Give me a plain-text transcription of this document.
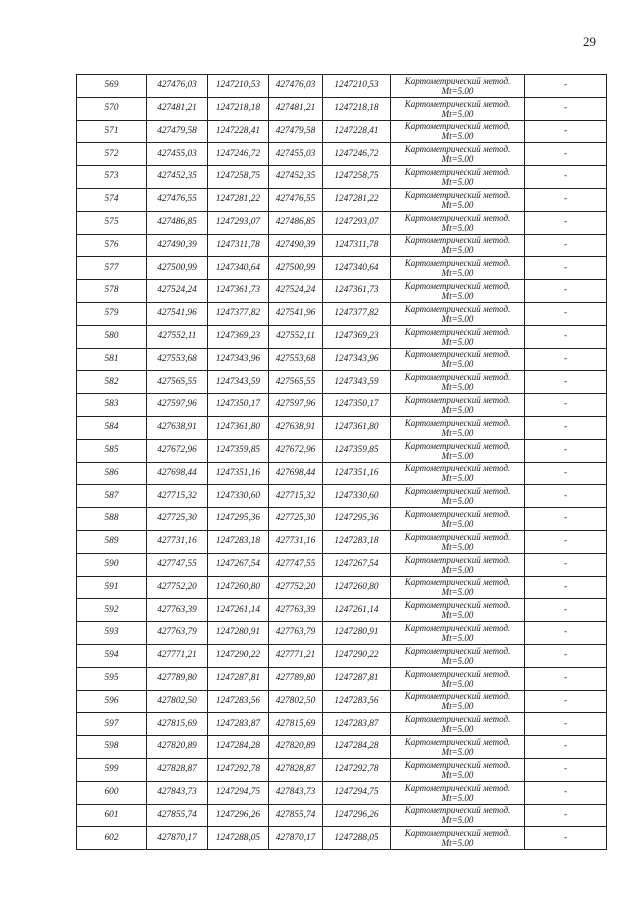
29
569	427476,03	1247210,53	427476,03	1247210,53	Картометрический метод.
Mt=5.00	-
570	427481,21	1247218,18	427481,21	1247218,18	Картометрический метод.
Mt=5.00	-
571	427479,58	1247228,41	427479,58	1247228,41	Картометрический метод.
Mt=5.00	-
572	427455,03	1247246,72	427455,03	1247246,72	Картометрический метод.
Mt=5.00	-
573	427452,35	1247258,75	427452,35	1247258,75	Картометрический метод.
Mt=5.00	-
574	427476,55	1247281,22	427476,55	1247281,22	Картометрический метод.
Mt=5.00	-
575	427486,85	1247293,07	427486,85	1247293,07	Картометрический метод.
Mt=5.00	-
576	427490,39	1247311,78	427490,39	1247311,78	Картометрический метод.
Mt=5.00	-
577	427500,99	1247340,64	427500,99	1247340,64	Картометрический метод.
Mt=5.00	-
578	427524,24	1247361,73	427524,24	1247361,73	Картометрический метод.
Mt=5.00	-
579	427541,96	1247377,82	427541,96	1247377,82	Картометрический метод.
Mt=5.00	-
580	427552,11	1247369,23	427552,11	1247369,23	Картометрический метод.
Mt=5.00	-
581	427553,68	1247343,96	427553,68	1247343,96	Картометрический метод.
Mt=5.00	-
582	427565,55	1247343,59	427565,55	1247343,59	Картометрический метод.
Mt=5.00	-
583	427597,96	1247350,17	427597,96	1247350,17	Картометрический метод.
Mt=5.00	-
584	427638,91	1247361,80	427638,91	1247361,80	Картометрический метод.
Mt=5.00	-
585	427672,96	1247359,85	427672,96	1247359,85	Картометрический метод.
Mt=5.00	-
586	427698,44	1247351,16	427698,44	1247351,16	Картометрический метод.
Mt=5.00	-
587	427715,32	1247330,60	427715,32	1247330,60	Картометрический метод.
Mt=5.00	-
588	427725,30	1247295,36	427725,30	1247295,36	Картометрический метод.
Mt=5.00	-
589	427731,16	1247283,18	427731,16	1247283,18	Картометрический метод.
Mt=5.00	-
590	427747,55	1247267,54	427747,55	1247267,54	Картометрический метод.
Mt=5.00	-
591	427752,20	1247260,80	427752,20	1247260,80	Картометрический метод.
Mt=5.00	-
592	427763,39	1247261,14	427763,39	1247261,14	Картометрический метод.
Mt=5.00	-
593	427763,79	1247280,91	427763,79	1247280,91	Картометрический метод.
Mt=5.00	-
594	427771,21	1247290,22	427771,21	1247290,22	Картометрический метод.
Mt=5.00	-
595	427789,80	1247287,81	427789,80	1247287,81	Картометрический метод.
Mt=5.00	-
596	427802,50	1247283,56	427802,50	1247283,56	Картометрический метод.
Mt=5.00	-
597	427815,69	1247283,87	427815,69	1247283,87	Картометрический метод.
Mt=5.00	-
598	427820,89	1247284,28	427820,89	1247284,28	Картометрический метод.
Mt=5.00	-
599	427828,87	1247292,78	427828,87	1247292,78	Картометрический метод.
Mt=5.00	-
600	427843,73	1247294,75	427843,73	1247294,75	Картометрический метод.
Mt=5.00	-
601	427855,74	1247296,26	427855,74	1247296,26	Картометрический метод.
Mt=5.00	-
602	427870,17	1247288,05	427870,17	1247288,05	Картометрический метод.
Mt=5.00	-
